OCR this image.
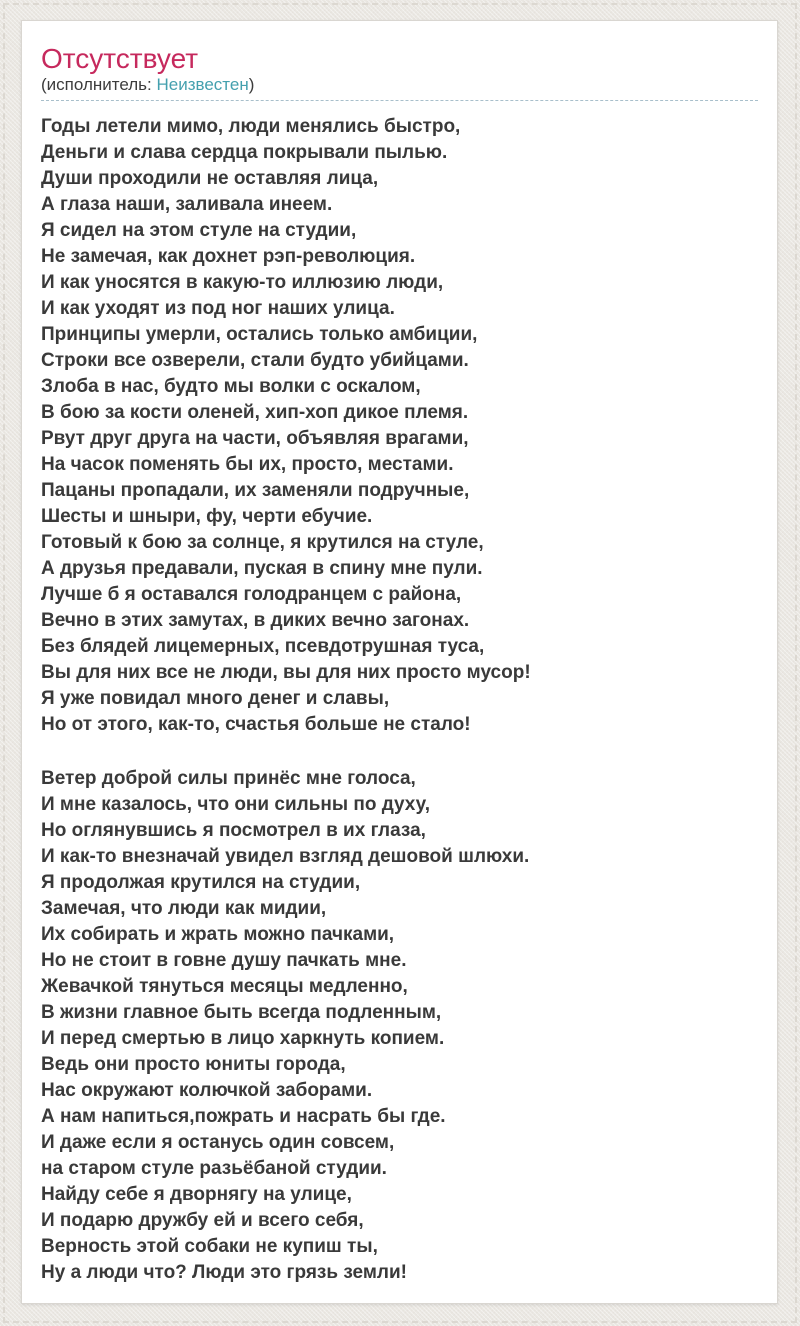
Отсутствует
(исполнитель: Неизвестен)
Годы летели мимо, люди менялись быстро,
Деньги и слава сердца покрывали пылью.
Души проходили не оставляя лица,
А глаза наши, заливала инеем.
Я сидел на этом стуле на студии,
Не замечая, как дохнет рэп-революция.
И как уносятся в какую-то иллюзию люди,
И как уходят из под ног наших улица.
Принципы умерли, остались только амбиции,
Строки все озверели, стали будто убийцами.
Злоба в нас, будто мы волки с оскалом,
В бою за кости оленей, хип-хоп дикое племя.
Рвут друг друга на части, объявляя врагами,
На часок поменять бы их, просто, местами.
Пацаны пропадали, их заменяли подручные,
Шесты и шныри, фу, черти ебучие.
Готовый к бою за солнце, я крутился на стуле,
А друзья предавали, пуская в спину мне пули.
Лучше б я оставался голодранцем с района,
Вечно в этих замутах, в диких вечно загонах.
Без блядей лицемерных, псевдотрушная туса,
Вы для них все не люди, вы для них просто мусор!
Я уже повидал много денег и славы,
Но от этого, как-то, счастья больше не стало!
Ветер доброй силы принёс мне голоса,
И мне казалось, что они сильны по духу,
Но оглянувшись я посмотрел в их глаза,
И как-то внезначай увидел взгляд дешовой шлюхи.
Я продолжая крутился на студии,
Замечая, что люди как мидии,
Их собирать и жрать можно пачками,
Но не стоит в говне душу пачкать мне.
Жевачкой тянуться месяцы медленно,
В жизни главное быть всегда подленным,
И перед смертью в лицо харкнуть копием.
Ведь они просто юниты города,
Нас окружают колючкой заборами.
А нам напиться,пожрать и насрать бы где.
И даже если я останусь один совсем,
на старом стуле разьёбаной студии.
Найду себе я дворнягу на улице,
И подарю дружбу ей и всего себя,
Верность этой собаки не купиш ты,
Ну а люди что? Люди это грязь земли!
